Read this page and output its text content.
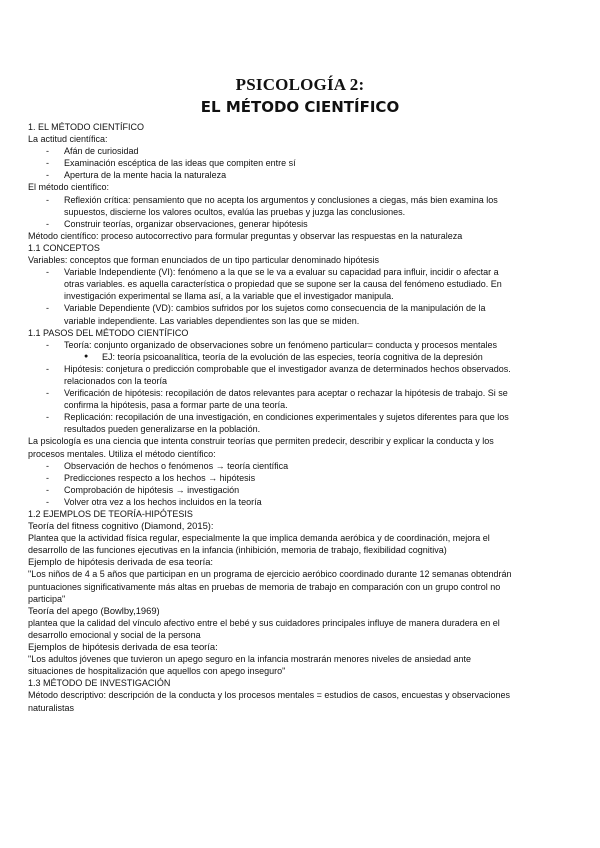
PSICOLOGÍA 2:
EL MÉTODO CIENTÍFICO
1. EL MÉTODO CIENTÍFICO
La actitud científica:
- Afán de curiosidad
- Examinación escéptica de las ideas que compiten entre sí
- Apertura de la mente hacia la naturaleza
El método científico:
- Reflexión crítica: pensamiento que no acepta los argumentos y conclusiones a ciegas, más bien examina los
supuestos, discierne los valores ocultos, evalúa las pruebas y juzga las conclusiones.
- Construir teorías, organizar observaciones, generar hipótesis
Método científico: proceso autocorrectivo para formular preguntas y observar las respuestas en la naturaleza
1.1 CONCEPTOS
Variables: conceptos que forman enunciados de un tipo particular denominado hipótesis
- Variable Independiente (VI): fenómeno a la que se le va a evaluar su capacidad para influir, incidir o afectar a
otras variables. es aquella característica o propiedad que se supone ser la causa del fenómeno estudiado. En
investigación experimental se llama así, a la variable que el investigador manipula.
- Variable Dependiente (VD): cambios sufridos por los sujetos como consecuencia de la manipulación de la
variable independiente. Las variables dependientes son las que se miden.
1.1 PASOS DEL MÉTODO CIENTÍFICO
- Teoría: conjunto organizado de observaciones sobre un fenómeno particular= conducta y procesos mentales
● EJ: teoría psicoanalítica, teoría de la evolución de las especies, teoría cognitiva de la depresión
- Hipótesis: conjetura o predicción comprobable que el investigador avanza de determinados hechos observados.
relacionados con la teoría
- Verificación de hipótesis: recopilación de datos relevantes para aceptar o rechazar la hipótesis de trabajo. Si se
confirma la hipótesis, pasa a formar parte de una teoría.
- Replicación: recopilación de una investigación, en condiciones experimentales y sujetos diferentes para que los
resultados pueden generalizarse en la población.
La psicología es una ciencia que intenta construir teorías que permiten predecir, describir y explicar la conducta y los
procesos mentales. Utiliza el método científico:
- Observación de hechos o fenómenos → teoría científica
- Predicciones respecto a los hechos → hipótesis
- Comprobación de hipótesis → investigación
- Volver otra vez a los hechos incluidos en la teoría
1.2 EJEMPLOS DE TEORÍA-HIPÓTESIS
Teoría del fitness cognitivo (Diamond, 2015):
Plantea que la actividad física regular, especialmente la que implica demanda aeróbica y de coordinación, mejora el
desarrollo de las funciones ejecutivas en la infancia (inhibición, memoria de trabajo, flexibilidad cognitiva)
Ejemplo de hipótesis derivada de esa teoría:
"Los niños de 4 a 5 años que participan en un programa de ejercicio aeróbico coordinado durante 12 semanas obtendrán
puntuaciones significativamente más altas en pruebas de memoria de trabajo en comparación con un grupo control no
participa"
Teoría del apego (Bowlby,1969)
plantea que la calidad del vínculo afectivo entre el bebé y sus cuidadores principales influye de manera duradera en el
desarrollo emocional y social de la persona
Ejemplos de hipótesis derivada de esa teoría:
"Los adultos jóvenes que tuvieron un apego seguro en la infancia mostrarán menores niveles de ansiedad ante
situaciones de hospitalización que aquellos con apego inseguro"
1.3 MÉTODO DE INVESTIGACIÓN
Método descriptivo: descripción de la conducta y los procesos mentales = estudios de casos, encuestas y observaciones
naturalistas
